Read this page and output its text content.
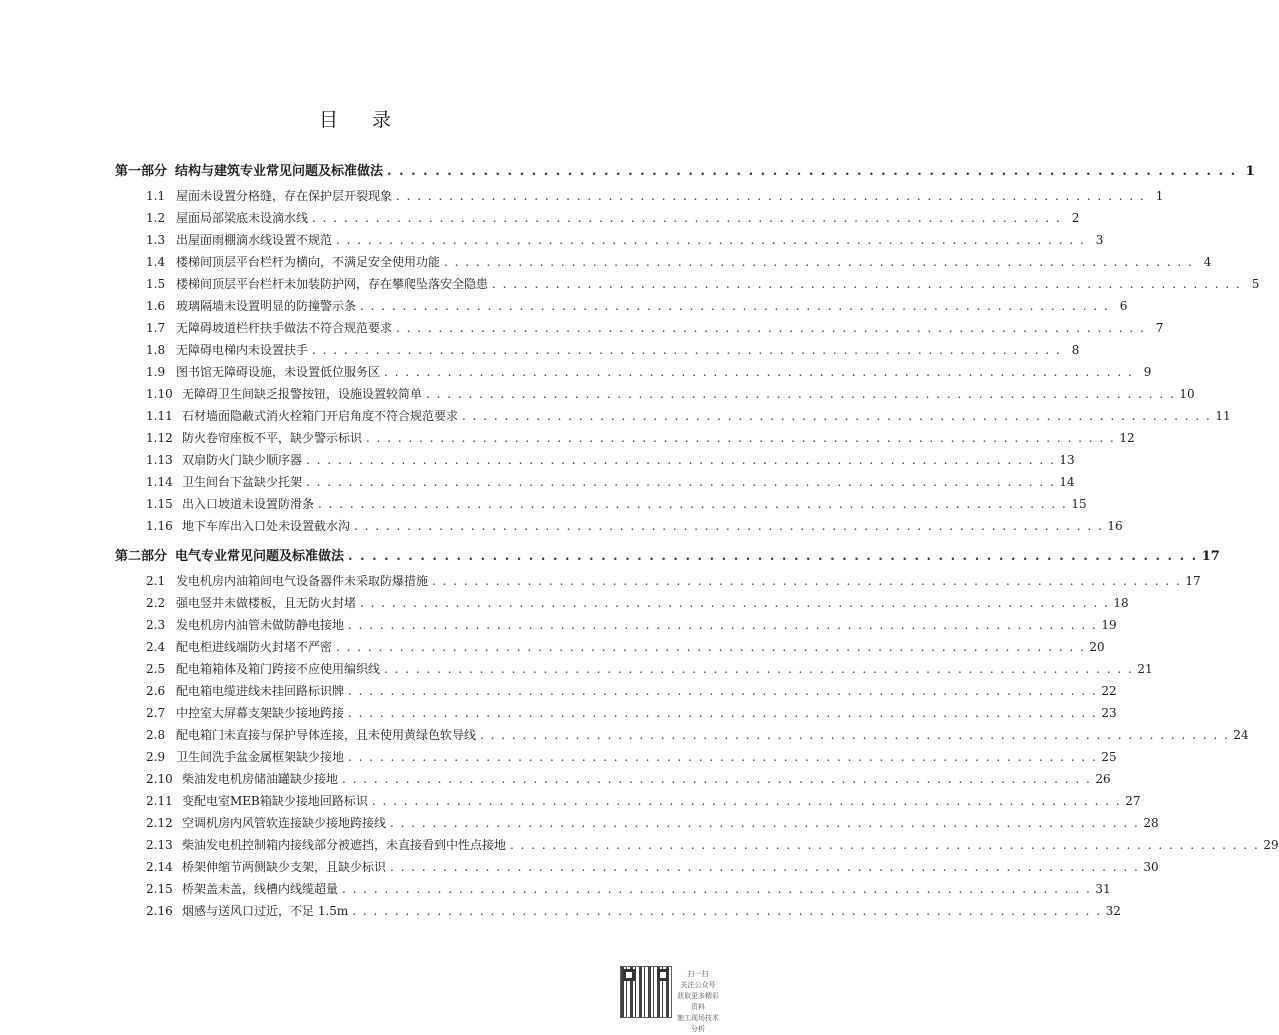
目 录
第一部分 结构与建筑专业常见问题及标准做法 . . . . . . . . . . . . . . . . . . . . . . . . . . . . . . . . . . . . . . . . . . . . . . . . . . . . . . . . . . . . . . . . . . . . . . . 1
1.1 屋面未设置分格缝，存在保护层开裂现象 . . . . . . . . . . . . . . . . . . . . . . . . . . . . . . . . . . . . . . . . . . . . . . . . . . . . . . . . . . . . . . . . . . . . . . . 1
1.2 屋面局部梁底未设滴水线 . . . . . . . . . . . . . . . . . . . . . . . . . . . . . . . . . . . . . . . . . . . . . . . . . . . . . . . . . . . . . . . . . . . . . . . 2
1.3 出屋面雨棚滴水线设置不规范 . . . . . . . . . . . . . . . . . . . . . . . . . . . . . . . . . . . . . . . . . . . . . . . . . . . . . . . . . . . . . . . . . . . . . . . 3
1.4 楼梯间顶层平台栏杆为横向，不满足安全使用功能 . . . . . . . . . . . . . . . . . . . . . . . . . . . . . . . . . . . . . . . . . . . . . . . . . . . . . . . . . . . . . . . . . . . . . . . 4
1.5 楼梯间顶层平台栏杆未加装防护网，存在攀爬坠落安全隐患 . . . . . . . . . . . . . . . . . . . . . . . . . . . . . . . . . . . . . . . . . . . . . . . . . . . . . . . . . . . . . . . . . . . . . . . 5
1.6 玻璃隔墙未设置明显的防撞警示条 . . . . . . . . . . . . . . . . . . . . . . . . . . . . . . . . . . . . . . . . . . . . . . . . . . . . . . . . . . . . . . . . . . . . . . . 6
1.7 无障碍坡道栏杆扶手做法不符合规范要求 . . . . . . . . . . . . . . . . . . . . . . . . . . . . . . . . . . . . . . . . . . . . . . . . . . . . . . . . . . . . . . . . . . . . . . . 7
1.8 无障碍电梯内未设置扶手 . . . . . . . . . . . . . . . . . . . . . . . . . . . . . . . . . . . . . . . . . . . . . . . . . . . . . . . . . . . . . . . . . . . . . . . 8
1.9 图书馆无障碍设施，未设置低位服务区 . . . . . . . . . . . . . . . . . . . . . . . . . . . . . . . . . . . . . . . . . . . . . . . . . . . . . . . . . . . . . . . . . . . . . . . 9
1.10 无障碍卫生间缺乏报警按钮，设施设置较简单 . . . . . . . . . . . . . . . . . . . . . . . . . . . . . . . . . . . . . . . . . . . . . . . . . . . . . . . . . . . . . . . . . . . . . . . 10
1.11 石材墙面隐蔽式消火栓箱门开启角度不符合规范要求 . . . . . . . . . . . . . . . . . . . . . . . . . . . . . . . . . . . . . . . . . . . . . . . . . . . . . . . . . . . . . . . . . . . . . . . 11
1.12 防火卷帘座板不平，缺少警示标识 . . . . . . . . . . . . . . . . . . . . . . . . . . . . . . . . . . . . . . . . . . . . . . . . . . . . . . . . . . . . . . . . . . . . . . . 12
1.13 双扇防火门缺少顺序器 . . . . . . . . . . . . . . . . . . . . . . . . . . . . . . . . . . . . . . . . . . . . . . . . . . . . . . . . . . . . . . . . . . . . . . . 13
1.14 卫生间台下盆缺少托架 . . . . . . . . . . . . . . . . . . . . . . . . . . . . . . . . . . . . . . . . . . . . . . . . . . . . . . . . . . . . . . . . . . . . . . . 14
1.15 出入口坡道未设置防滑条 . . . . . . . . . . . . . . . . . . . . . . . . . . . . . . . . . . . . . . . . . . . . . . . . . . . . . . . . . . . . . . . . . . . . . . . 15
1.16 地下车库出入口处未设置截水沟 . . . . . . . . . . . . . . . . . . . . . . . . . . . . . . . . . . . . . . . . . . . . . . . . . . . . . . . . . . . . . . . . . . . . . . . 16
第二部分 电气专业常见问题及标准做法 . . . . . . . . . . . . . . . . . . . . . . . . . . . . . . . . . . . . . . . . . . . . . . . . . . . . . . . . . . . . . . . . . . . . . . . 17
2.1 发电机房内油箱间电气设备器件未采取防爆措施 . . . . . . . . . . . . . . . . . . . . . . . . . . . . . . . . . . . . . . . . . . . . . . . . . . . . . . . . . . . . . . . . . . . . . . . 17
2.2 强电竖井未做楼板，且无防火封堵 . . . . . . . . . . . . . . . . . . . . . . . . . . . . . . . . . . . . . . . . . . . . . . . . . . . . . . . . . . . . . . . . . . . . . . . 18
2.3 发电机房内油管未做防静电接地 . . . . . . . . . . . . . . . . . . . . . . . . . . . . . . . . . . . . . . . . . . . . . . . . . . . . . . . . . . . . . . . . . . . . . . . 19
2.4 配电柜进线端防火封堵不严密 . . . . . . . . . . . . . . . . . . . . . . . . . . . . . . . . . . . . . . . . . . . . . . . . . . . . . . . . . . . . . . . . . . . . . . . 20
2.5 配电箱箱体及箱门跨接不应使用编织线 . . . . . . . . . . . . . . . . . . . . . . . . . . . . . . . . . . . . . . . . . . . . . . . . . . . . . . . . . . . . . . . . . . . . . . . 21
2.6 配电箱电缆进线未挂回路标识牌 . . . . . . . . . . . . . . . . . . . . . . . . . . . . . . . . . . . . . . . . . . . . . . . . . . . . . . . . . . . . . . . . . . . . . . . 22
2.7 中控室大屏幕支架缺少接地跨接 . . . . . . . . . . . . . . . . . . . . . . . . . . . . . . . . . . . . . . . . . . . . . . . . . . . . . . . . . . . . . . . . . . . . . . . 23
2.8 配电箱门未直接与保护导体连接，且未使用黄绿色软导线 . . . . . . . . . . . . . . . . . . . . . . . . . . . . . . . . . . . . . . . . . . . . . . . . . . . . . . . . . . . . . . . . . . . . . . . 24
2.9 卫生间洗手盆金属框架缺少接地 . . . . . . . . . . . . . . . . . . . . . . . . . . . . . . . . . . . . . . . . . . . . . . . . . . . . . . . . . . . . . . . . . . . . . . . 25
2.10 柴油发电机房储油罐缺少接地 . . . . . . . . . . . . . . . . . . . . . . . . . . . . . . . . . . . . . . . . . . . . . . . . . . . . . . . . . . . . . . . . . . . . . . . 26
2.11 变配电室MEB箱缺少接地回路标识 . . . . . . . . . . . . . . . . . . . . . . . . . . . . . . . . . . . . . . . . . . . . . . . . . . . . . . . . . . . . . . . . . . . . . . . 27
2.12 空调机房内风管软连接缺少接地跨接线 . . . . . . . . . . . . . . . . . . . . . . . . . . . . . . . . . . . . . . . . . . . . . . . . . . . . . . . . . . . . . . . . . . . . . . . 28
2.13 柴油发电机控制箱内接线部分被遮挡，未直接看到中性点接地 . . . . . . . . . . . . . . . . . . . . . . . . . . . . . . . . . . . . . . . . . . . . . . . . . . . . . . . . . . . . . . . . . . . . . . . 29
2.14 桥架伸缩节两侧缺少支架，且缺少标识 . . . . . . . . . . . . . . . . . . . . . . . . . . . . . . . . . . . . . . . . . . . . . . . . . . . . . . . . . . . . . . . . . . . . . . . 30
2.15 桥架盖未盖，线槽内线缆超量 . . . . . . . . . . . . . . . . . . . . . . . . . . . . . . . . . . . . . . . . . . . . . . . . . . . . . . . . . . . . . . . . . . . . . . . 31
2.16 烟感与送风口过近，不足 1.5m . . . . . . . . . . . . . . . . . . . . . . . . . . . . . . . . . . . . . . . . . . . . . . . . . . . . . . . . . . . . . . . . . . . . . . . 32
扫一扫
关注公众号
获取更多精彩资料
施工现场技术分析
